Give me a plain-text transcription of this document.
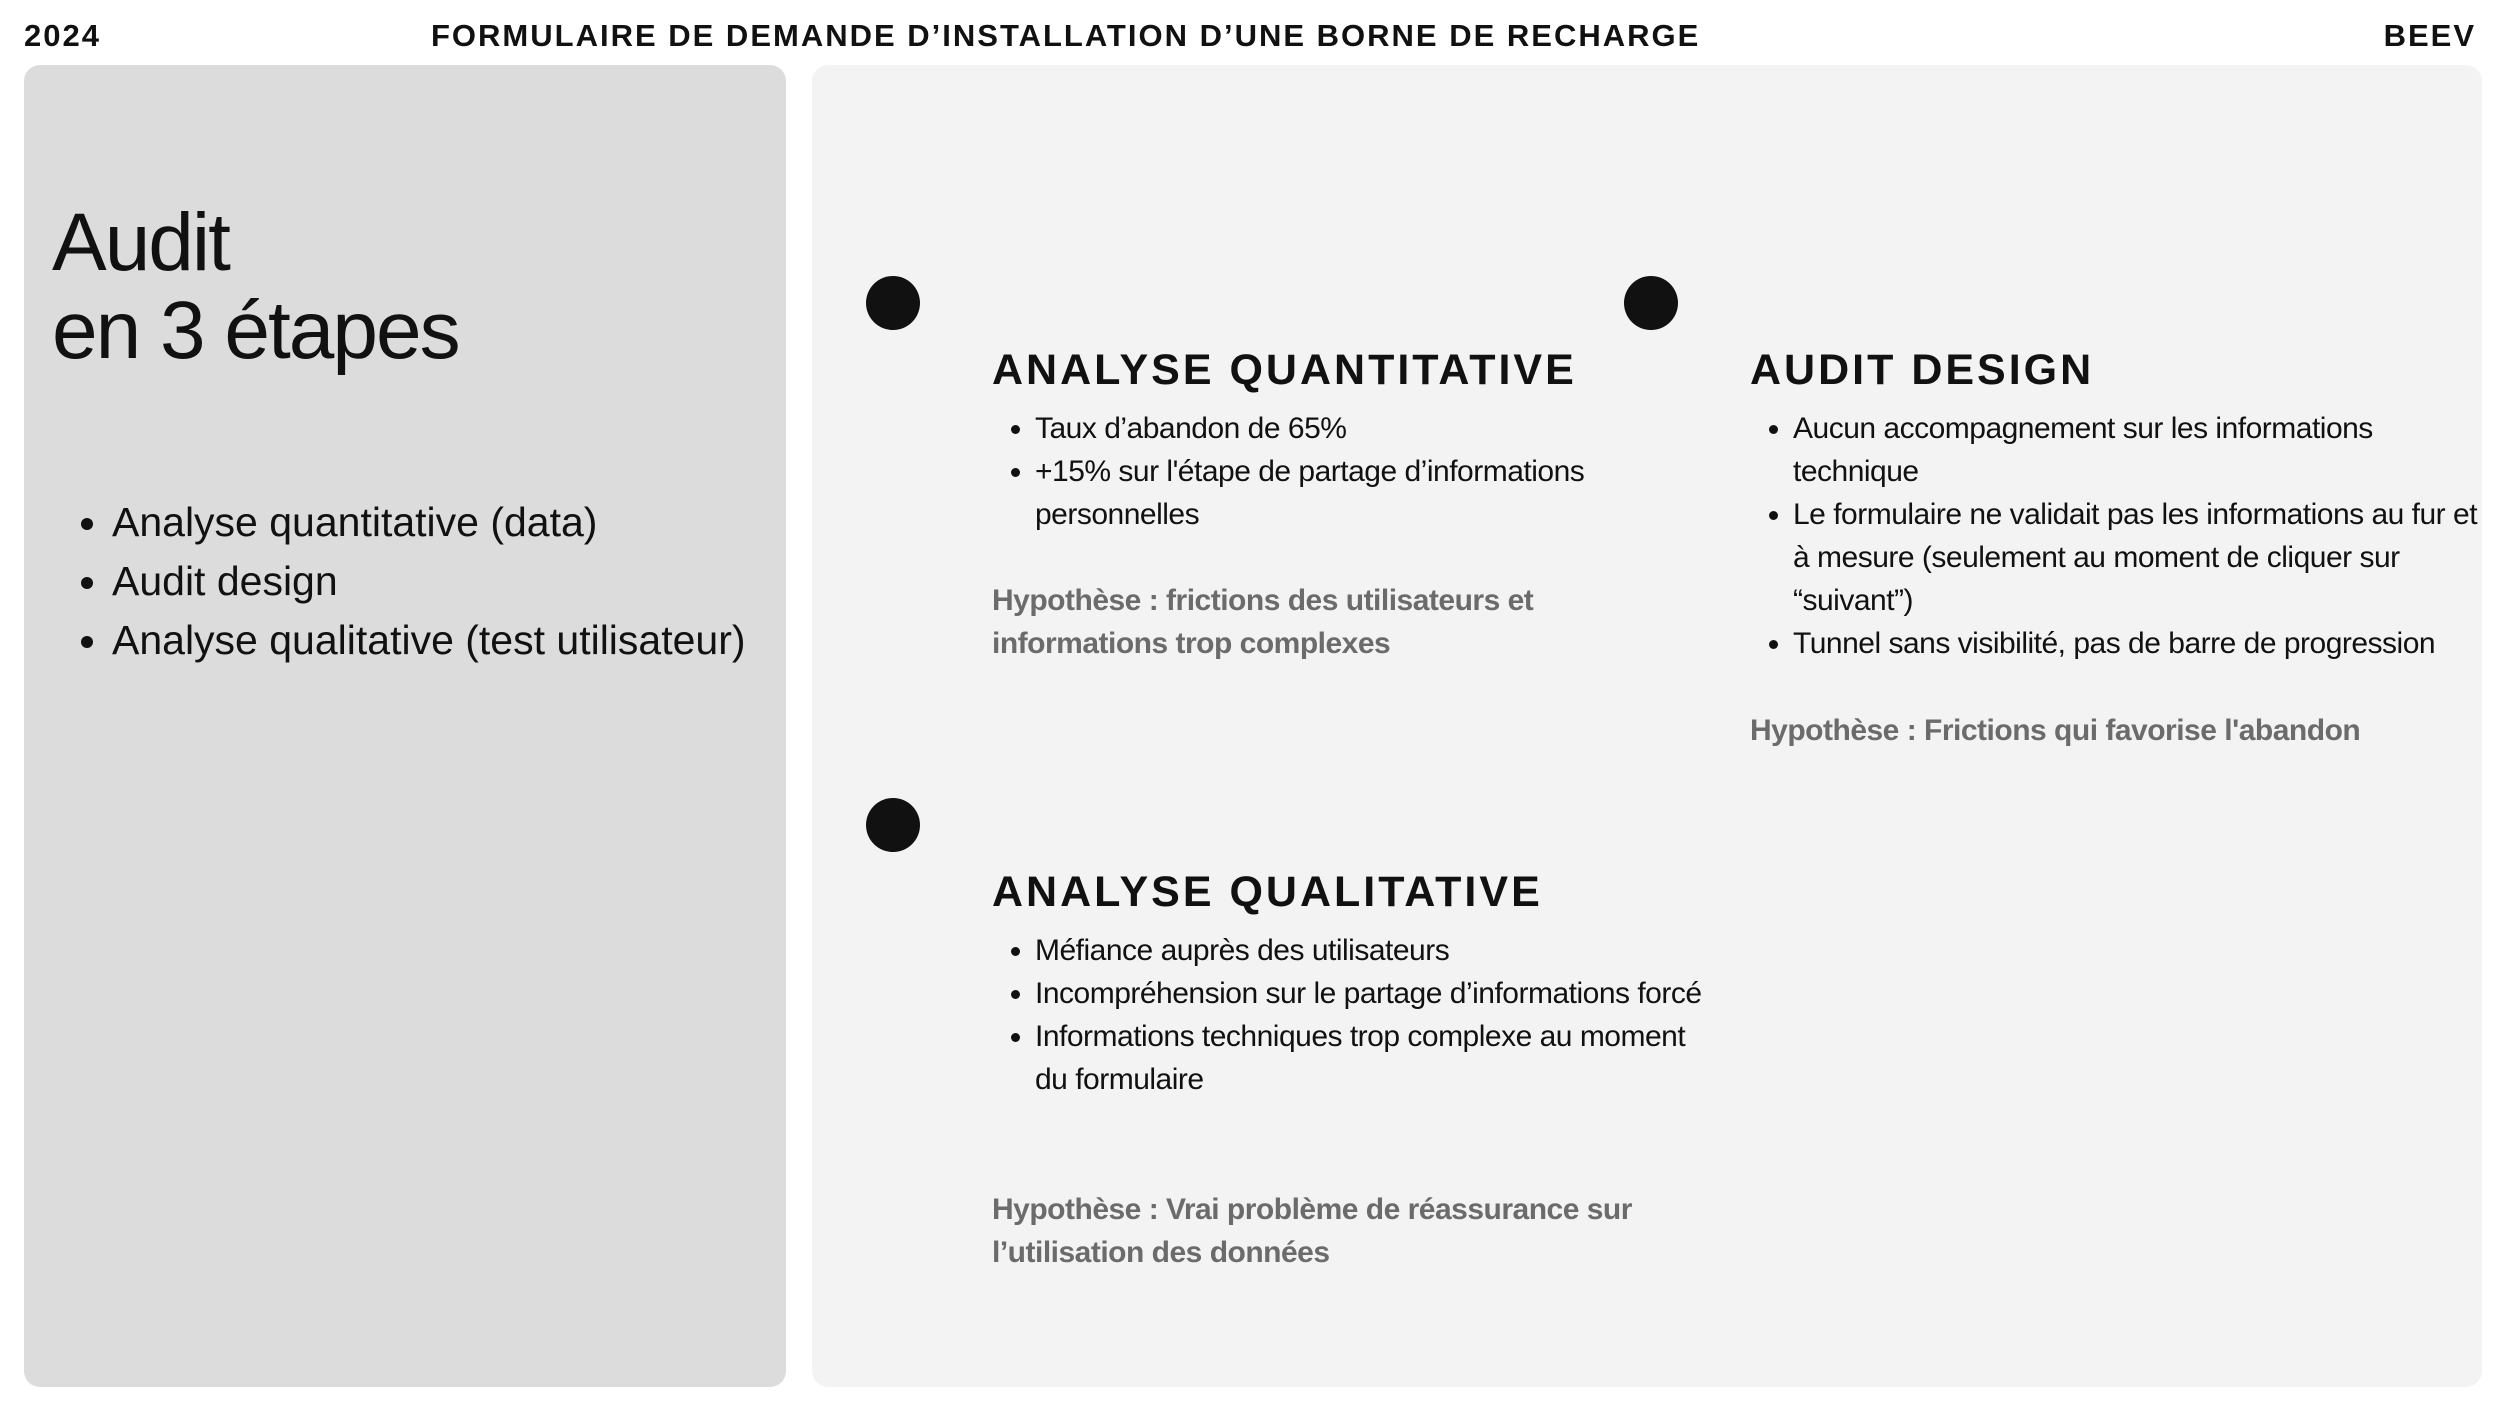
2024	FORMULAIRE DE DEMANDE D’INSTALLATION D’UNE BORNE DE RECHARGE	BEEV
Audit
en 3 étapes
• Analyse quantitative (data)
• Audit design
• Analyse qualitative (test utilisateur)
ANALYSE QUANTITATIVE
• Taux d’abandon de 65%
• +15% sur l'étape de partage d’informations personnelles
Hypothèse : frictions des utilisateurs et informations trop complexes
AUDIT DESIGN
• Aucun accompagnement sur les informations technique
• Le formulaire ne validait pas les informations au fur et à mesure (seulement au moment de cliquer sur “suivant”)
• Tunnel sans visibilité, pas de barre de progression
Hypothèse : Frictions qui favorise l'abandon
ANALYSE QUALITATIVE
• Méfiance auprès des utilisateurs
• Incompréhension sur le partage d’informations forcé
• Informations techniques trop complexe au moment du formulaire
Hypothèse : Vrai problème de réassurance sur l’utilisation des données
